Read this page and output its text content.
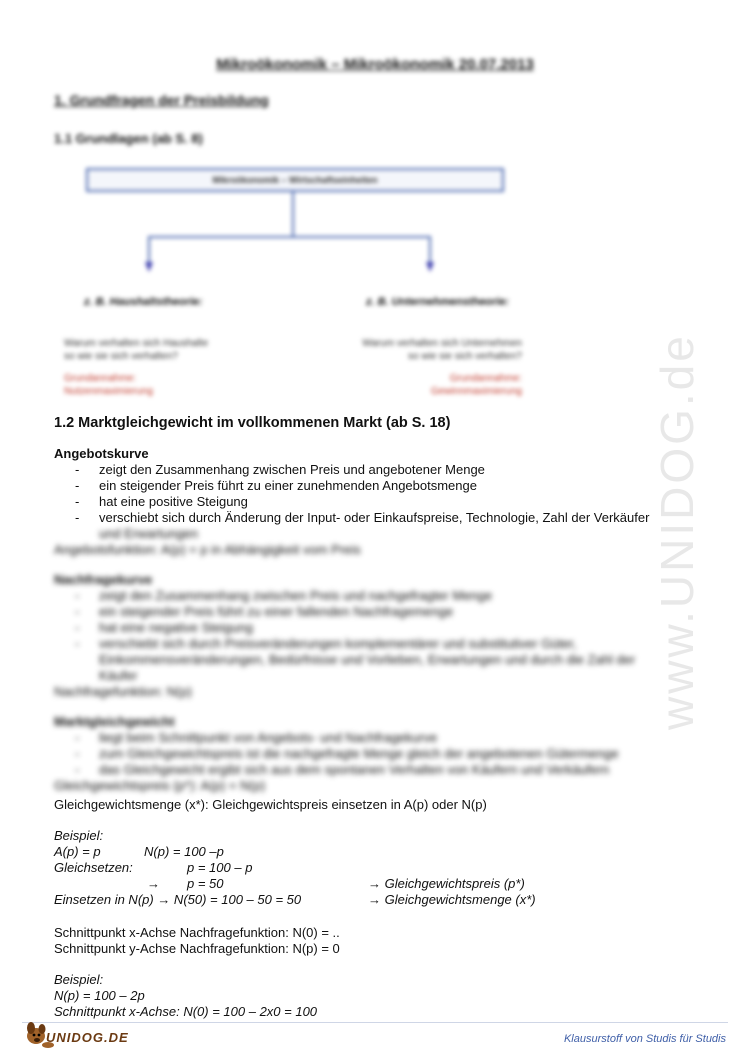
Mikroökonomik – Mikroökonomik 20.07.2013
1. Grundfragen der Preisbildung
1.1 Grundlagen (ab S. 8)
Mikroökonomik – Wirtschaftseinheiten
z. B. Haushaltstheorie:	z. B. Unternehmenstheorie:
Warum verhalten sich Haushalte
so wie sie sich verhalten?
Warum verhalten sich Unternehmen
so wie sie sich verhalten?
Grundannahme:
Nutzenmaximierung
Grundannahme:
Gewinnmaximierung
1.2 Marktgleichgewicht im vollkommenen Markt (ab S. 18)
Angebotskurve
- zeigt den Zusammenhang zwischen Preis und angebotener Menge
- ein steigender Preis führt zu einer zunehmenden Angebotsmenge
- hat eine positive Steigung
- verschiebt sich durch Änderung der Input- oder Einkaufspreise, Technologie, Zahl der Verkäufer
und Erwartungen
Angebotsfunktion: A(p) = p in Abhängigkeit vom Preis
Nachfragekurve
- zeigt den Zusammenhang zwischen Preis und nachgefragter Menge
- ein steigender Preis führt zu einer fallenden Nachfragemenge
- hat eine negative Steigung
- verschiebt sich durch Preisveränderungen komplementärer und substitutiver Güter,
Einkommensveränderungen, Bedürfnisse und Vorlieben, Erwartungen und durch die Zahl der
Käufer
Nachfragefunktion: N(p)
Marktgleichgewicht
- liegt beim Schnittpunkt von Angebots- und Nachfragekurve
- zum Gleichgewichtspreis ist die nachgefragte Menge gleich der angebotenen Gütermenge
- das Gleichgewicht ergibt sich aus dem spontanen Verhalten von Käufern und Verkäufern
Gleichgewichtspreis (p*): A(p) = N(p)
Gleichgewichtsmenge (x*): Gleichgewichtspreis einsetzen in A(p) oder N(p)
Beispiel:
A(p) = p	N(p) = 100 –p
Gleichsetzen:	p = 100 – p
→ p = 50	→ Gleichgewichtspreis (p*)
Einsetzen in N(p) → N(50) = 100 – 50 = 50	→ Gleichgewichtsmenge (x*)
Schnittpunkt x-Achse Nachfragefunktion: N(0) = ..
Schnittpunkt y-Achse Nachfragefunktion: N(p) = 0
Beispiel:
N(p) = 100 – 2p
Schnittpunkt x-Achse: N(0) = 100 – 2x0 = 100
www.UNIDOG.de
UNIDOG.DE	Klausurstoff von Studis für Studis
